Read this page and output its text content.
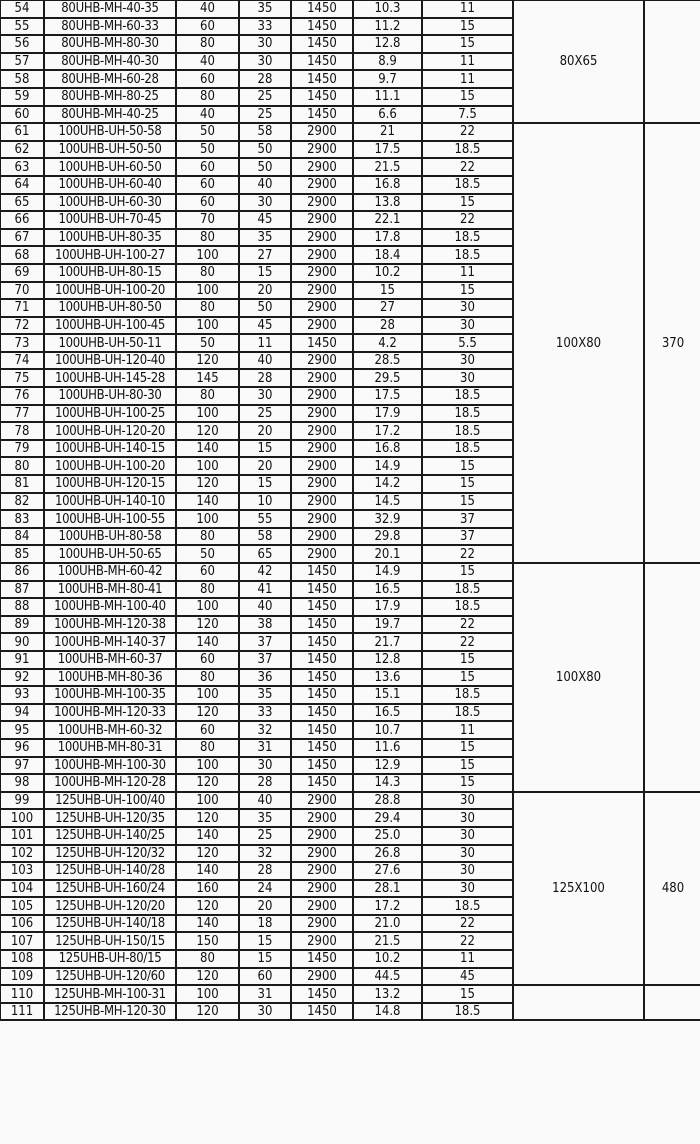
54	80UHB-MH-40-35	40	35	1450	10.3	11	80X65	
55	80UHB-MH-60-33	60	33	1450	11.2	15		
56	80UHB-MH-80-30	80	30	1450	12.8	15		
57	80UHB-MH-40-30	40	30	1450	8.9	11		
58	80UHB-MH-60-28	60	28	1450	9.7	11		
59	80UHB-MH-80-25	80	25	1450	11.1	15		
60	80UHB-MH-40-25	40	25	1450	6.6	7.5		
61	100UHB-UH-50-58	50	58	2900	21	22	100X80	370
62	100UHB-UH-50-50	50	50	2900	17.5	18.5		
63	100UHB-UH-60-50	60	50	2900	21.5	22		
64	100UHB-UH-60-40	60	40	2900	16.8	18.5		
65	100UHB-UH-60-30	60	30	2900	13.8	15		
66	100UHB-UH-70-45	70	45	2900	22.1	22		
67	100UHB-UH-80-35	80	35	2900	17.8	18.5		
68	100UHB-UH-100-27	100	27	2900	18.4	18.5		
69	100UHB-UH-80-15	80	15	2900	10.2	11		
70	100UHB-UH-100-20	100	20	2900	15	15		
71	100UHB-UH-80-50	80	50	2900	27	30		
72	100UHB-UH-100-45	100	45	2900	28	30		
73	100UHB-UH-50-11	50	11	1450	4.2	5.5		
74	100UHB-UH-120-40	120	40	2900	28.5	30		
75	100UHB-UH-145-28	145	28	2900	29.5	30		
76	100UHB-UH-80-30	80	30	2900	17.5	18.5		
77	100UHB-UH-100-25	100	25	2900	17.9	18.5		
78	100UHB-UH-120-20	120	20	2900	17.2	18.5		
79	100UHB-UH-140-15	140	15	2900	16.8	18.5		
80	100UHB-UH-100-20	100	20	2900	14.9	15		
81	100UHB-UH-120-15	120	15	2900	14.2	15		
82	100UHB-UH-140-10	140	10	2900	14.5	15		
83	100UHB-UH-100-55	100	55	2900	32.9	37		
84	100UHB-UH-80-58	80	58	2900	29.8	37		
85	100UHB-UH-50-65	50	65	2900	20.1	22		
86	100UHB-MH-60-42	60	42	1450	14.9	15	100X80	
87	100UHB-MH-80-41	80	41	1450	16.5	18.5		
88	100UHB-MH-100-40	100	40	1450	17.9	18.5		
89	100UHB-MH-120-38	120	38	1450	19.7	22		
90	100UHB-MH-140-37	140	37	1450	21.7	22		
91	100UHB-MH-60-37	60	37	1450	12.8	15		
92	100UHB-MH-80-36	80	36	1450	13.6	15		
93	100UHB-MH-100-35	100	35	1450	15.1	18.5		
94	100UHB-MH-120-33	120	33	1450	16.5	18.5		
95	100UHB-MH-60-32	60	32	1450	10.7	11		
96	100UHB-MH-80-31	80	31	1450	11.6	15		
97	100UHB-MH-100-30	100	30	1450	12.9	15		
98	100UHB-MH-120-28	120	28	1450	14.3	15		
99	125UHB-UH-100/40	100	40	2900	28.8	30	125X100	480
100	125UHB-UH-120/35	120	35	2900	29.4	30		
101	125UHB-UH-140/25	140	25	2900	25.0	30		
102	125UHB-UH-120/32	120	32	2900	26.8	30		
103	125UHB-UH-140/28	140	28	2900	27.6	30		
104	125UHB-UH-160/24	160	24	2900	28.1	30		
105	125UHB-UH-120/20	120	20	2900	17.2	18.5		
106	125UHB-UH-140/18	140	18	2900	21.0	22		
107	125UHB-UH-150/15	150	15	2900	21.5	22		
108	125UHB-UH-80/15	80	15	1450	10.2	11		
109	125UHB-UH-120/60	120	60	2900	44.5	45		
110	125UHB-MH-100-31	100	31	1450	13.2	15		
111	125UHB-MH-120-30	120	30	1450	14.8	18.5		
